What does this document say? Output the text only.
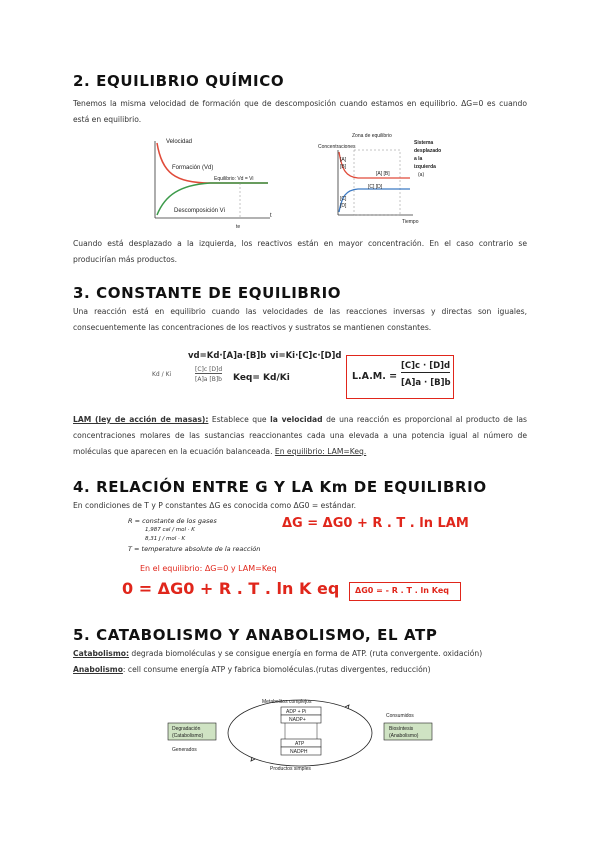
2. EQUILIBRIO QUÍMICO

Tenemos la misma velocidad de formación que de descomposición cuando estamos en equilibrio. ΔG=0 es cuando está en equilibrio.

Velocidad
Formación (Vd)
Equilibrio: Vd = Vi
Descomposición Vi
t
te
Zona de equilibrio
Concentraciones
[A]
[B]
[A] [B]
[C] [D]
[C]
[D]
Tiempo
Sistema
desplazado
a la
izquierda
(a)

Cuando está desplazado a la izquierda, los reactivos están en mayor concentración. En el caso contrario se producirían más productos.

3. CONSTANTE DE EQUILIBRIO

Una reacción está en equilibrio cuando las velocidades de las reacciones inversas y directas son iguales, consecuentemente las concentraciones de los reactivos y sustratos se mantienen constantes.

vd=Kd·[A]a·[B]b vi=Ki·[C]c·[D]d
Kd / Ki
[C]c [D]d
[A]a [B]b Keq= Kd/Ki	L.A.M. =
[C]c · [D]d
[A]a · [B]b

LAM (ley de acción de masas): Establece que la velocidad de una reacción es proporcional al producto de las concentraciones molares de las sustancias reaccionantes cada una elevada a una potencia igual al número de moléculas que aparecen en la ecuación balanceada. En equilibrio: LAM=Keq.

4. RELACIÓN ENTRE G Y LA Km DE EQUILIBRIO

En condiciones de T y P constantes ΔG es conocida como ΔG0 = estándar.

R = constante de los gases
1,987 cal / mol · K
8,31 J / mol · K
T = temperature absolute de la reacción
ΔG = ΔG0 + R . T . ln LAM
En el equilibrio: ΔG=0 y LAM=Keq
0 = ΔG0 + R . T . ln K eq ΔG0 = - R . T . ln Keq
5. CATABOLISMO Y ANABOLISMO, EL ATP

Catabolismo: degrada biomoléculas y se consigue energía en forma de ATP. (ruta convergente. oxidación)

Anabolismo: cell consume energía ATP y fabrica biomoléculas.(rutas divergentes, reducción)

Metabolitos complejos
ADP + Pi
NADP+
ATP
NADPH
Productos simples
Degradación
(Catabolismo)
Generados
Biosíntesis
(Anabolismo)
Consumidos
